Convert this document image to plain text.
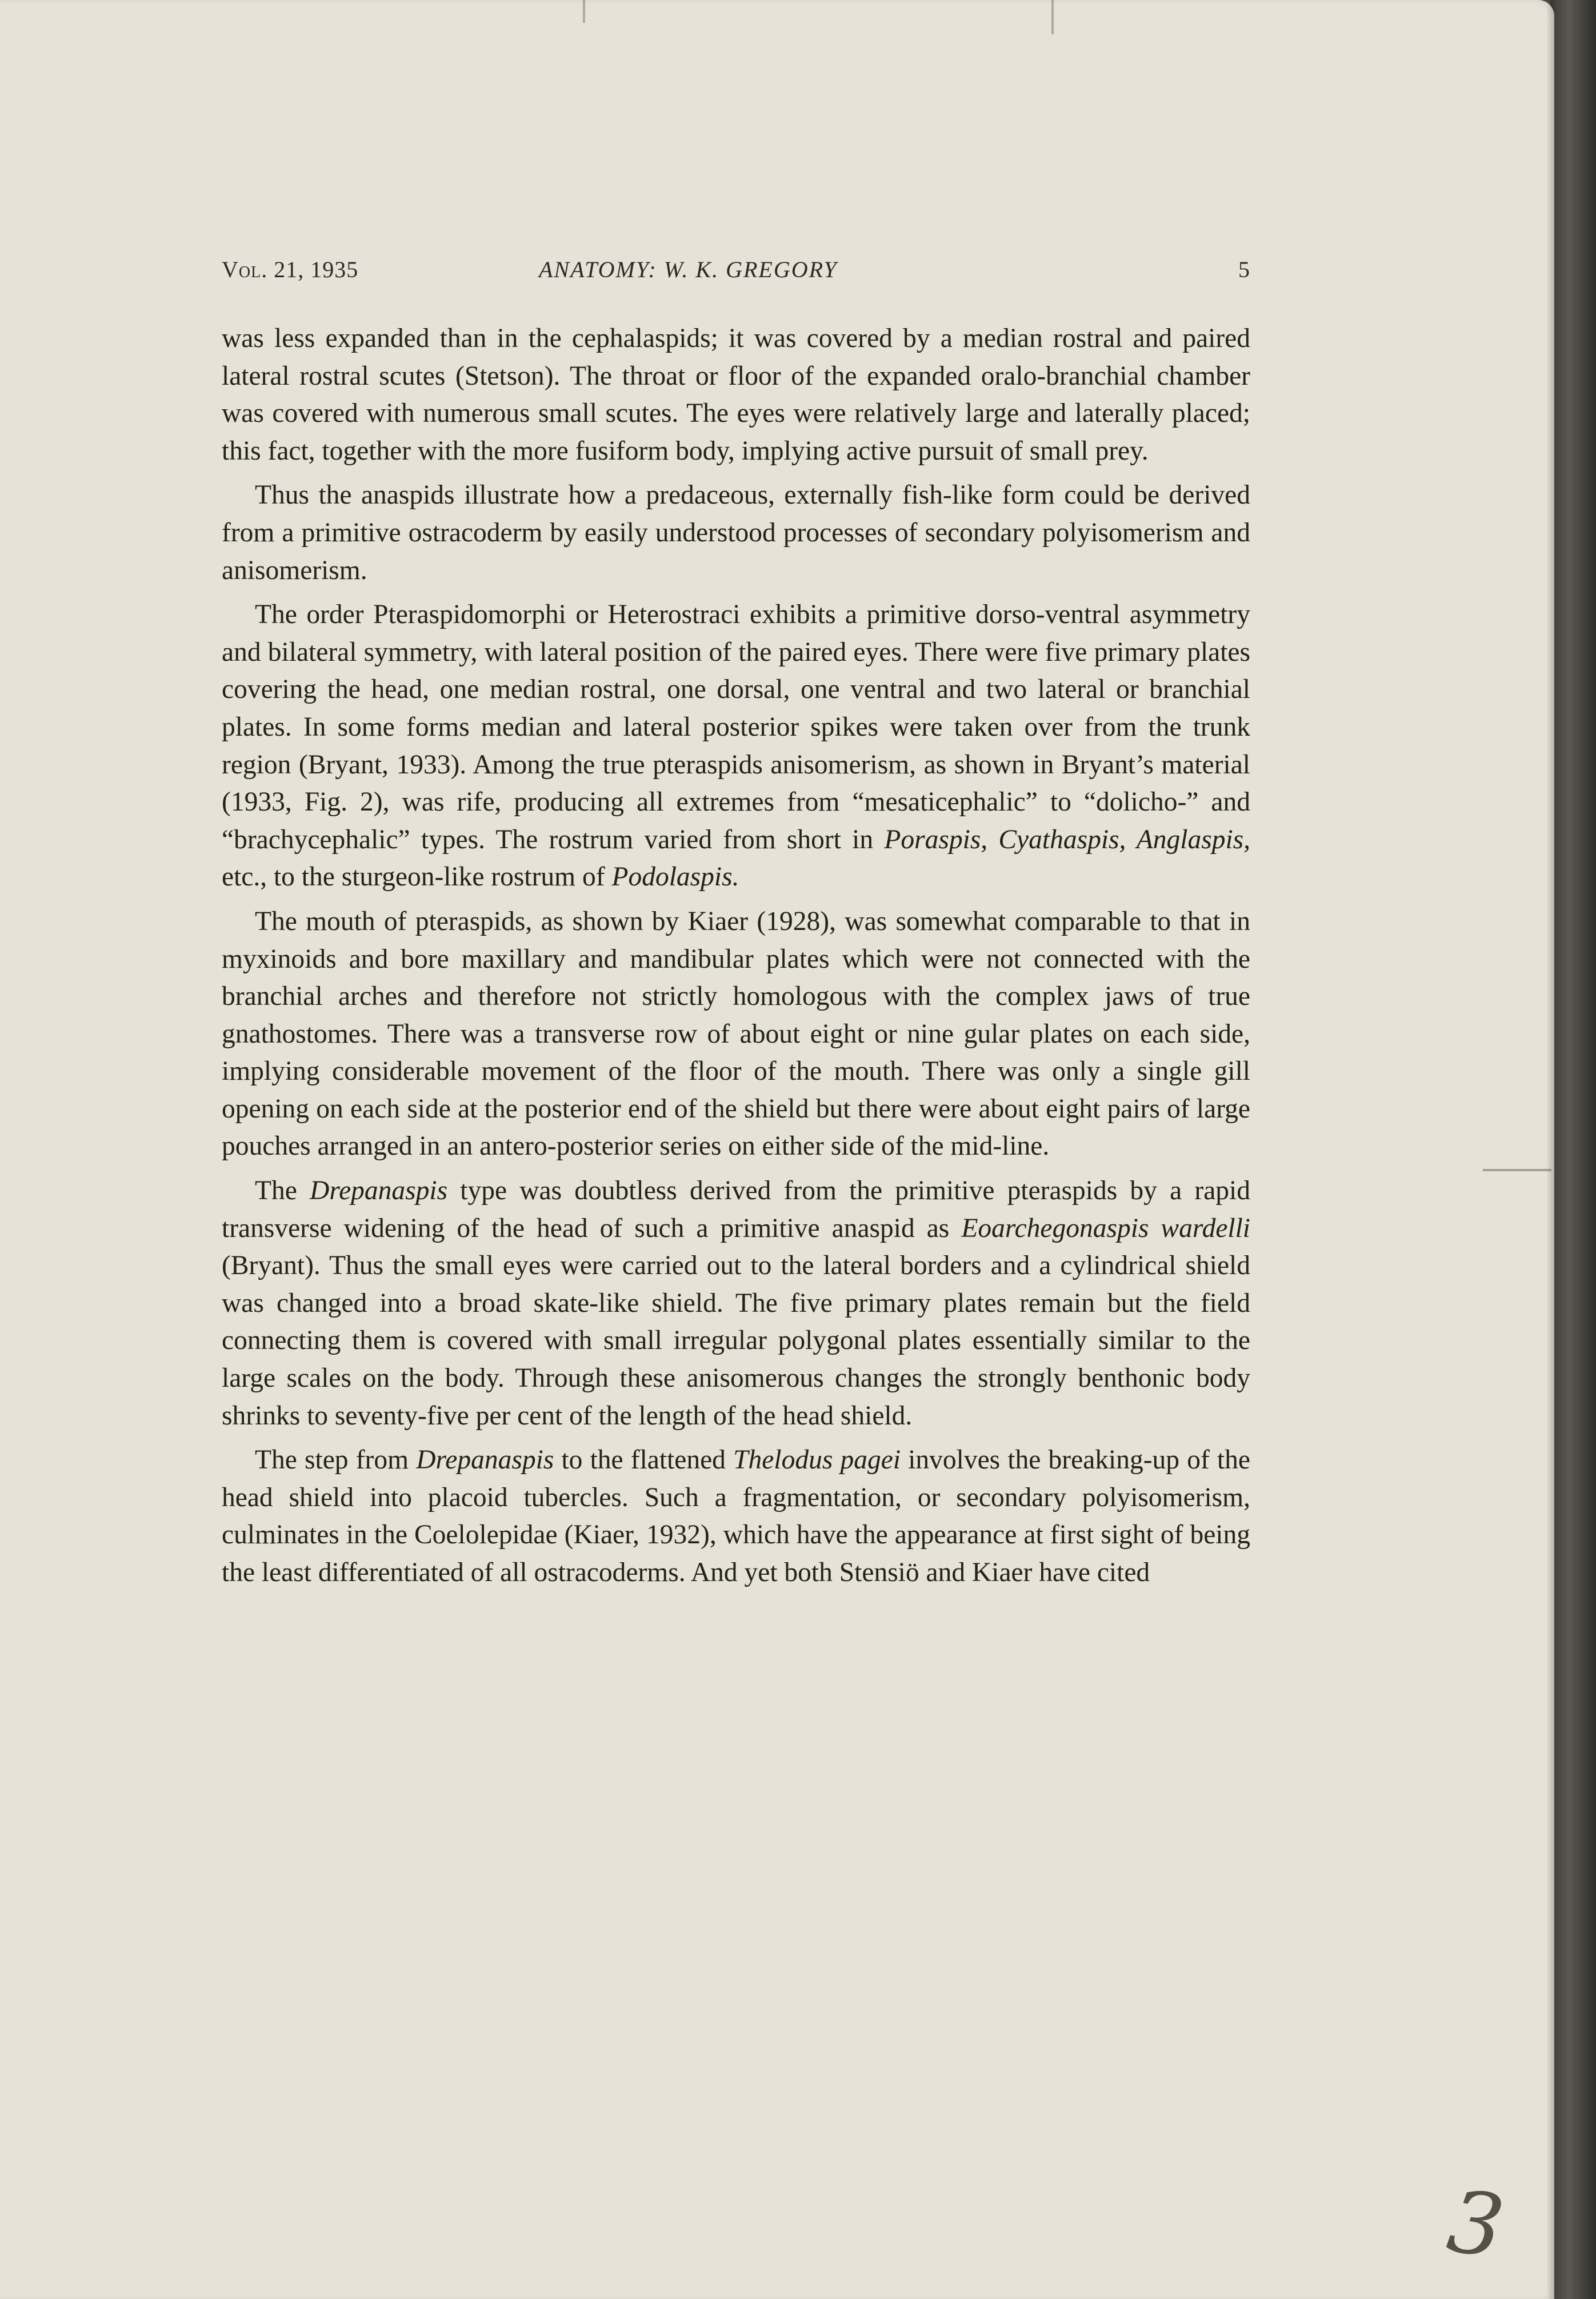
Vol. 21, 1935	ANATOMY: W. K. GREGORY	5

was less expanded than in the cephalaspids; it was covered by a median rostral and paired lateral rostral scutes (Stetson). The throat or floor of the expanded oralo-branchial chamber was covered with numerous small scutes. The eyes were relatively large and laterally placed; this fact, together with the more fusiform body, implying active pursuit of small prey.

Thus the anaspids illustrate how a predaceous, externally fish-like form could be derived from a primitive ostracoderm by easily understood processes of secondary polyisomerism and anisomerism.

The order Pteraspidomorphi or Heterostraci exhibits a primitive dorso-ventral asymmetry and bilateral symmetry, with lateral position of the paired eyes. There were five primary plates covering the head, one median rostral, one dorsal, one ventral and two lateral or branchial plates. In some forms median and lateral posterior spikes were taken over from the trunk region (Bryant, 1933). Among the true pteraspids anisomerism, as shown in Bryant’s material (1933, Fig. 2), was rife, producing all extremes from “mesaticephalic” to “dolicho-” and “brachycephalic” types. The rostrum varied from short in Poraspis, Cyathaspis, Anglaspis, etc., to the sturgeon-like rostrum of Podolaspis.

The mouth of pteraspids, as shown by Kiaer (1928), was somewhat comparable to that in myxinoids and bore maxillary and mandibular plates which were not connected with the branchial arches and therefore not strictly homologous with the complex jaws of true gnathostomes. There was a transverse row of about eight or nine gular plates on each side, implying considerable movement of the floor of the mouth. There was only a single gill opening on each side at the posterior end of the shield but there were about eight pairs of large pouches arranged in an antero-posterior series on either side of the mid-line.

The Drepanaspis type was doubtless derived from the primitive pteraspids by a rapid transverse widening of the head of such a primitive anaspid as Eoarchegonaspis wardelli (Bryant). Thus the small eyes were carried out to the lateral borders and a cylindrical shield was changed into a broad skate-like shield. The five primary plates remain but the field connecting them is covered with small irregular polygonal plates essentially similar to the large scales on the body. Through these anisomerous changes the strongly benthonic body shrinks to seventy-five per cent of the length of the head shield.

The step from Drepanaspis to the flattened Thelodus pagei involves the breaking-up of the head shield into placoid tubercles. Such a fragmentation, or secondary polyisomerism, culminates in the Coelolepidae (Kiaer, 1932), which have the appearance at first sight of being the least differentiated of all ostracoderms. And yet both Stensiö and Kiaer have cited

3
